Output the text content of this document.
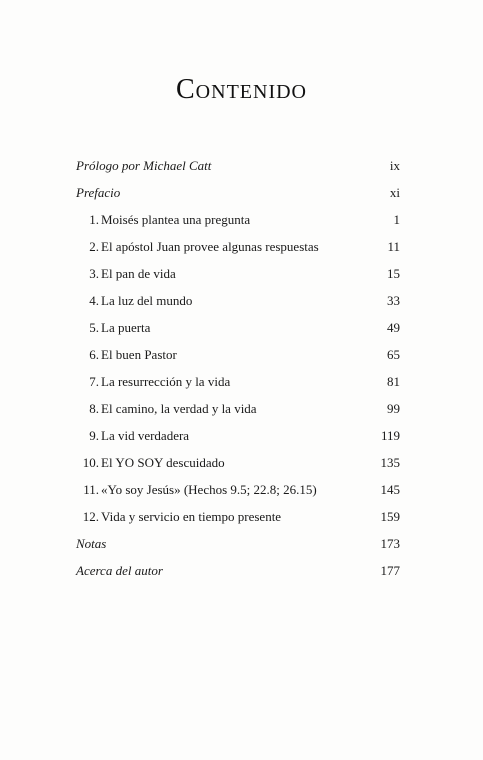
Contenido
Prólogo por Michael Catt	ix
Prefacio	xi
1. Moisés plantea una pregunta	1
2. El apóstol Juan provee algunas respuestas	11
3. El pan de vida	15
4. La luz del mundo	33
5. La puerta	49
6. El buen Pastor	65
7. La resurrección y la vida	81
8. El camino, la verdad y la vida	99
9. La vid verdadera	119
10. El YO SOY descuidado	135
11. «Yo soy Jesús» (Hechos 9.5; 22.8; 26.15)	145
12. Vida y servicio en tiempo presente	159
Notas	173
Acerca del autor	177
